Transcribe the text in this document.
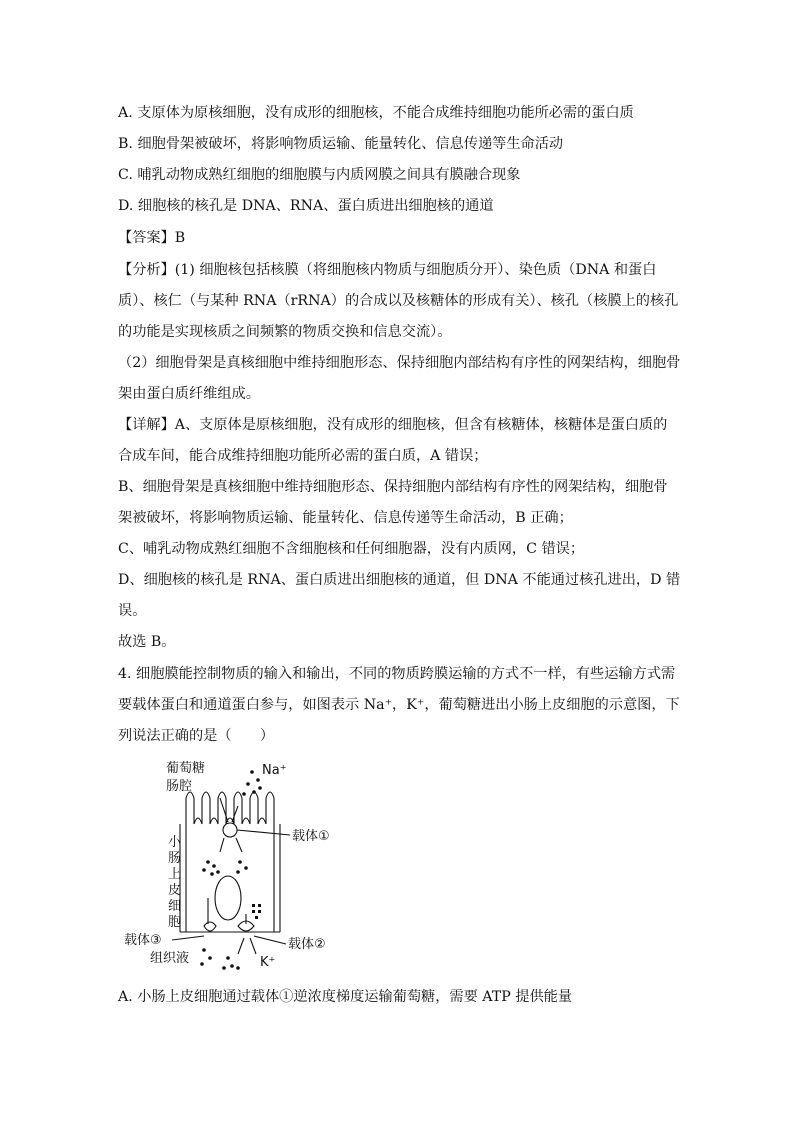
A. 支原体为原核细胞，没有成形的细胞核，不能合成维持细胞功能所必需的蛋白质
B. 细胞骨架被破坏，将影响物质运输、能量转化、信息传递等生命活动
C. 哺乳动物成熟红细胞的细胞膜与内质网膜之间具有膜融合现象
D. 细胞核的核孔是 DNA、RNA、蛋白质进出细胞核的通道
【答案】B
【分析】(1) 细胞核包括核膜（将细胞核内物质与细胞质分开）、染色质（DNA 和蛋白
质）、核仁（与某种 RNA（rRNA）的合成以及核糖体的形成有关）、核孔（核膜上的核孔
的功能是实现核质之间频繁的物质交换和信息交流）。
（2）细胞骨架是真核细胞中维持细胞形态、保持细胞内部结构有序性的网架结构，细胞骨
架由蛋白质纤维组成。
【详解】A、支原体是原核细胞，没有成形的细胞核，但含有核糖体，核糖体是蛋白质的
合成车间，能合成维持细胞功能所必需的蛋白质，A 错误；
B、细胞骨架是真核细胞中维持细胞形态、保持细胞内部结构有序性的网架结构，细胞骨
架被破坏，将影响物质运输、能量转化、信息传递等生命活动，B 正确；
C、哺乳动物成熟红细胞不含细胞核和任何细胞器，没有内质网，C 错误；
D、细胞核的核孔是 RNA、蛋白质进出细胞核的通道，但 DNA 不能通过核孔进出，D 错
误。
故选 B。
4. 细胞膜能控制物质的输入和输出，不同的物质跨膜运输的方式不一样，有些运输方式需
要载体蛋白和通道蛋白参与，如图表示 Na⁺，K⁺，葡萄糖进出小肠上皮细胞的示意图，下
列说法正确的是（　　）
A. 小肠上皮细胞通过载体①逆浓度梯度运输葡萄糖，需要 ATP 提供能量
葡萄糖	Na⁺
肠腔
小
肠
上
皮
细
胞
载体①
载体③	载体②
组织液	K⁺
